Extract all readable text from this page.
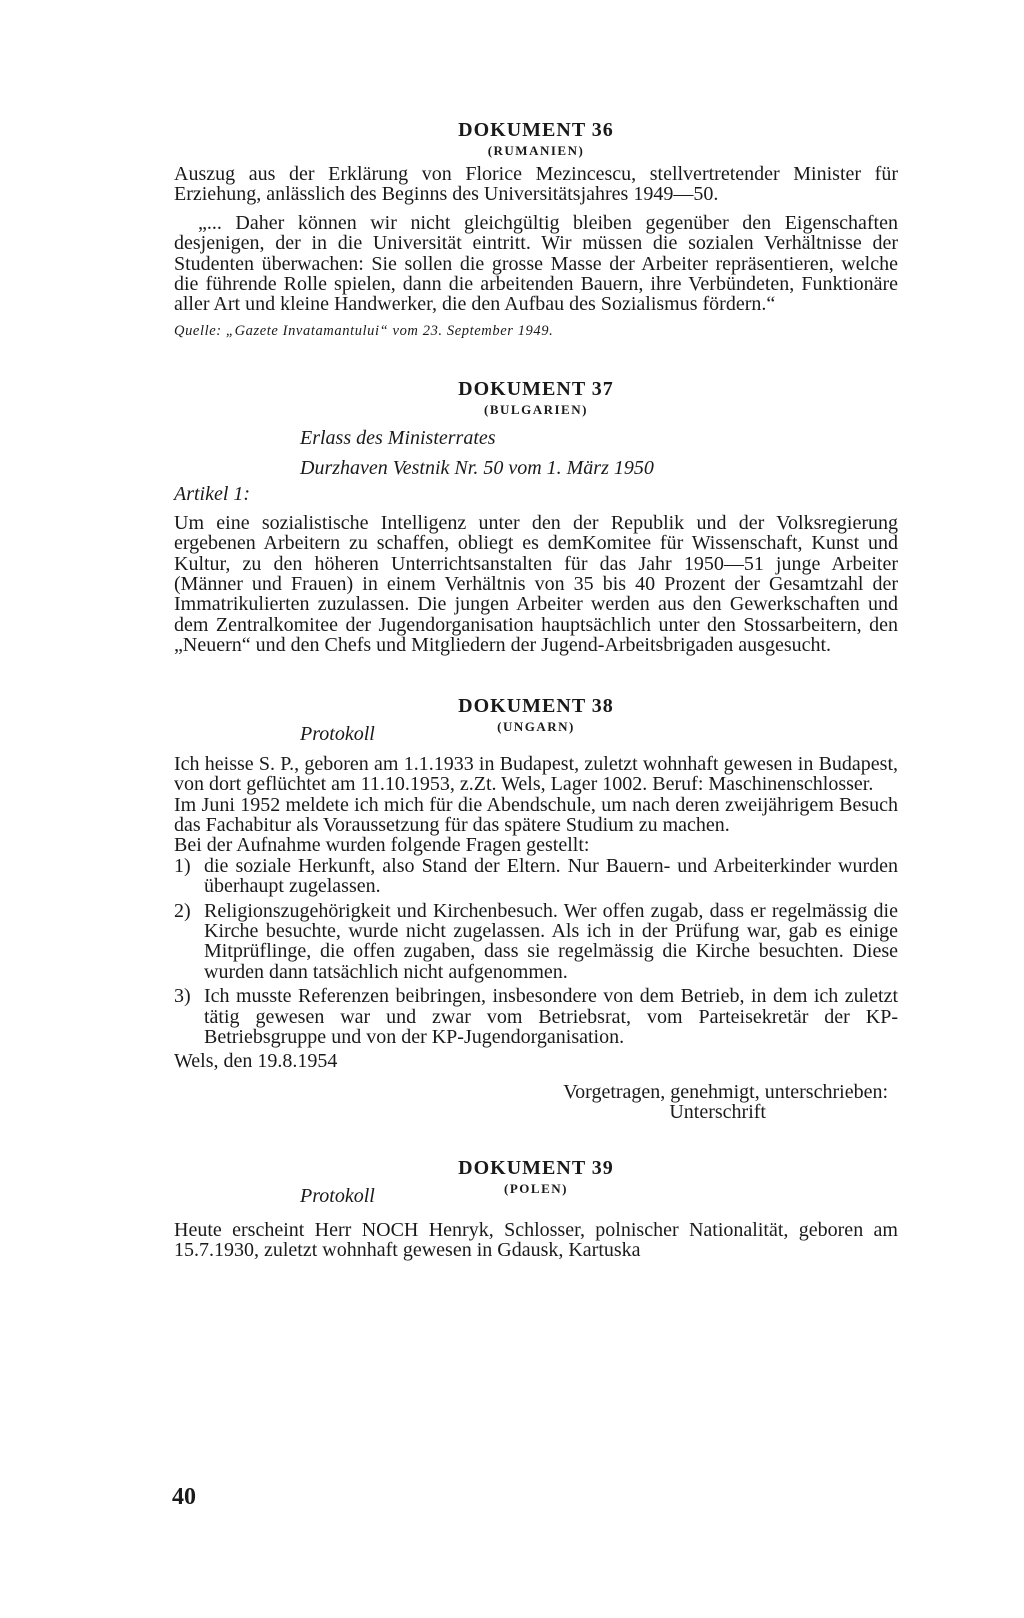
DOKUMENT 36
(RUMANIEN)

Auszug aus der Erklärung von Florice Mezincescu, stellvertretender Minister für Erziehung, anlässlich des Beginns des Universitätsjahres 1949—50.

„... Daher können wir nicht gleichgültig bleiben gegenüber den Eigenschaften desjenigen, der in die Universität eintritt. Wir müssen die sozialen Verhältnisse der Studenten überwachen: Sie sollen die grosse Masse der Arbeiter repräsentieren, welche die führende Rolle spielen, dann die arbeitenden Bauern, ihre Verbündeten, Funktionäre aller Art und kleine Handwerker, die den Aufbau des Sozialismus fördern.“

Quelle: „Gazete Invatamantului“ vom 23. September 1949.
DOKUMENT 37
(BULGARIEN)
Erlass des Ministerrates
Durzhaven Vestnik Nr. 50 vom 1. März 1950
Artikel 1:

Um eine sozialistische Intelligenz unter den der Republik und der Volksregierung ergebenen Arbeitern zu schaffen, obliegt es demKomitee für Wissenschaft, Kunst und Kultur, zu den höheren Unterrichtsanstalten für das Jahr 1950—51 junge Arbeiter (Männer und Frauen) in einem Verhältnis von 35 bis 40 Prozent der Gesamtzahl der Immatrikulierten zuzulassen. Die jungen Arbeiter werden aus den Gewerkschaften und dem Zentralkomitee der Jugendorganisation hauptsächlich unter den Stossarbeitern, den „Neuern“ und den Chefs und Mitgliedern der Jugend-Arbeitsbrigaden ausgesucht.

DOKUMENT 38
(UNGARN)
Protokoll

Ich heisse S. P., geboren am 1.1.1933 in Budapest, zuletzt wohnhaft gewesen in Budapest, von dort geflüchtet am 11.10.1953, z.Zt. Wels, Lager 1002. Beruf: Maschinenschlosser.

Im Juni 1952 meldete ich mich für die Abendschule, um nach deren zweijährigem Besuch das Fachabitur als Voraussetzung für das spätere Studium zu machen.

Bei der Aufnahme wurden folgende Fragen gestellt:

1) die soziale Herkunft, also Stand der Eltern. Nur Bauern- und Arbeiterkinder wurden überhaupt zugelassen.
2) Religionszugehörigkeit und Kirchenbesuch. Wer offen zugab, dass er regelmässig die Kirche besuchte, wurde nicht zugelassen. Als ich in der Prüfung war, gab es einige Mitprüflinge, die offen zugaben, dass sie regelmässig die Kirche besuchten. Diese wurden dann tatsächlich nicht aufgenommen.
3) Ich musste Referenzen beibringen, insbesondere von dem Betrieb, in dem ich zuletzt tätig gewesen war und zwar vom Betriebsrat, vom Parteisekretär der KP-Betriebsgruppe und von der KP-Jugendorganisation.

Wels, den 19.8.1954

Vorgetragen, genehmigt, unterschrieben:
Unterschrift
DOKUMENT 39
(POLEN)
Protokoll

Heute erscheint Herr NOCH Henryk, Schlosser, polnischer Nationalität, geboren am 15.7.1930, zuletzt wohnhaft gewesen in Gdausk, Kartuska

40
